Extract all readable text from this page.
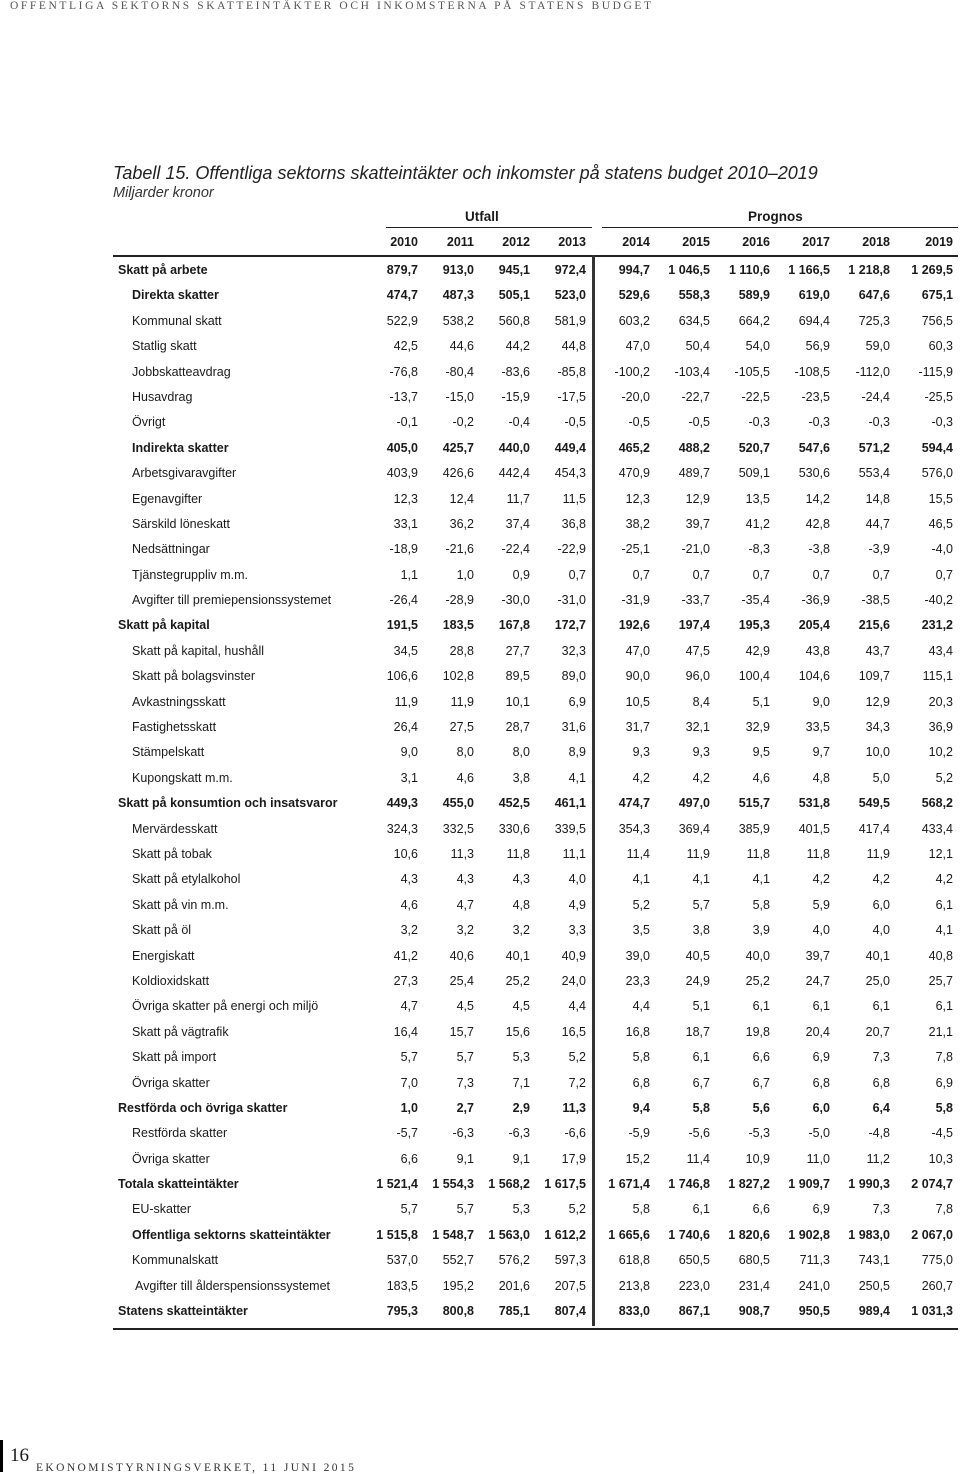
OFFENTLIGA SEKTORNS SKATTEINTÄKTER OCH INKOMSTERNA PÅ STATENS BUDGET
Tabell 15. Offentliga sektorns skatteintäkter och inkomster på statens budget 2010–2019
Miljarder kronor
Utfall	Prognos
2010	2011	2012	2013	2014	2015	2016	2017	2018	2019
Skatt på arbete	879,7	913,0	945,1	972,4	994,7	1 046,5	1 110,6	1 166,5	1 218,8	1 269,5
Direkta skatter	474,7	487,3	505,1	523,0	529,6	558,3	589,9	619,0	647,6	675,1
Kommunal skatt	522,9	538,2	560,8	581,9	603,2	634,5	664,2	694,4	725,3	756,5
Statlig skatt	42,5	44,6	44,2	44,8	47,0	50,4	54,0	56,9	59,0	60,3
Jobbskatteavdrag	-76,8	-80,4	-83,6	-85,8	-100,2	-103,4	-105,5	-108,5	-112,0	-115,9
Husavdrag	-13,7	-15,0	-15,9	-17,5	-20,0	-22,7	-22,5	-23,5	-24,4	-25,5
Övrigt	-0,1	-0,2	-0,4	-0,5	-0,5	-0,5	-0,3	-0,3	-0,3	-0,3
Indirekta skatter	405,0	425,7	440,0	449,4	465,2	488,2	520,7	547,6	571,2	594,4
Arbetsgivaravgifter	403,9	426,6	442,4	454,3	470,9	489,7	509,1	530,6	553,4	576,0
Egenavgifter	12,3	12,4	11,7	11,5	12,3	12,9	13,5	14,2	14,8	15,5
Särskild löneskatt	33,1	36,2	37,4	36,8	38,2	39,7	41,2	42,8	44,7	46,5
Nedsättningar	-18,9	-21,6	-22,4	-22,9	-25,1	-21,0	-8,3	-3,8	-3,9	-4,0
Tjänstegruppliv m.m.	1,1	1,0	0,9	0,7	0,7	0,7	0,7	0,7	0,7	0,7
Avgifter till premiepensionssystemet	-26,4	-28,9	-30,0	-31,0	-31,9	-33,7	-35,4	-36,9	-38,5	-40,2
Skatt på kapital	191,5	183,5	167,8	172,7	192,6	197,4	195,3	205,4	215,6	231,2
Skatt på kapital, hushåll	34,5	28,8	27,7	32,3	47,0	47,5	42,9	43,8	43,7	43,4
Skatt på bolagsvinster	106,6	102,8	89,5	89,0	90,0	96,0	100,4	104,6	109,7	115,1
Avkastningsskatt	11,9	11,9	10,1	6,9	10,5	8,4	5,1	9,0	12,9	20,3
Fastighetsskatt	26,4	27,5	28,7	31,6	31,7	32,1	32,9	33,5	34,3	36,9
Stämpelskatt	9,0	8,0	8,0	8,9	9,3	9,3	9,5	9,7	10,0	10,2
Kupongskatt m.m.	3,1	4,6	3,8	4,1	4,2	4,2	4,6	4,8	5,0	5,2
Skatt på konsumtion och insatsvaror	449,3	455,0	452,5	461,1	474,7	497,0	515,7	531,8	549,5	568,2
Mervärdesskatt	324,3	332,5	330,6	339,5	354,3	369,4	385,9	401,5	417,4	433,4
Skatt på tobak	10,6	11,3	11,8	11,1	11,4	11,9	11,8	11,8	11,9	12,1
Skatt på etylalkohol	4,3	4,3	4,3	4,0	4,1	4,1	4,1	4,2	4,2	4,2
Skatt på vin m.m.	4,6	4,7	4,8	4,9	5,2	5,7	5,8	5,9	6,0	6,1
Skatt på öl	3,2	3,2	3,2	3,3	3,5	3,8	3,9	4,0	4,0	4,1
Energiskatt	41,2	40,6	40,1	40,9	39,0	40,5	40,0	39,7	40,1	40,8
Koldioxidskatt	27,3	25,4	25,2	24,0	23,3	24,9	25,2	24,7	25,0	25,7
Övriga skatter på energi och miljö	4,7	4,5	4,5	4,4	4,4	5,1	6,1	6,1	6,1	6,1
Skatt på vägtrafik	16,4	15,7	15,6	16,5	16,8	18,7	19,8	20,4	20,7	21,1
Skatt på import	5,7	5,7	5,3	5,2	5,8	6,1	6,6	6,9	7,3	7,8
Övriga skatter	7,0	7,3	7,1	7,2	6,8	6,7	6,7	6,8	6,8	6,9
Restförda och övriga skatter	1,0	2,7	2,9	11,3	9,4	5,8	5,6	6,0	6,4	5,8
Restförda skatter	-5,7	-6,3	-6,3	-6,6	-5,9	-5,6	-5,3	-5,0	-4,8	-4,5
Övriga skatter	6,6	9,1	9,1	17,9	15,2	11,4	10,9	11,0	11,2	10,3
Totala skatteintäkter	1 521,4	1 554,3	1 568,2	1 617,5	1 671,4	1 746,8	1 827,2	1 909,7	1 990,3	2 074,7
EU-skatter	5,7	5,7	5,3	5,2	5,8	6,1	6,6	6,9	7,3	7,8
Offentliga sektorns skatteintäkter	1 515,8	1 548,7	1 563,0	1 612,2	1 665,6	1 740,6	1 820,6	1 902,8	1 983,0	2 067,0
Kommunalskatt	537,0	552,7	576,2	597,3	618,8	650,5	680,5	711,3	743,1	775,0
Avgifter till ålderspensionssystemet	183,5	195,2	201,6	207,5	213,8	223,0	231,4	241,0	250,5	260,7
Statens skatteintäkter	795,3	800,8	785,1	807,4	833,0	867,1	908,7	950,5	989,4	1 031,3
16
EKONOMISTYRNINGSVERKET, 11 JUNI 2015
